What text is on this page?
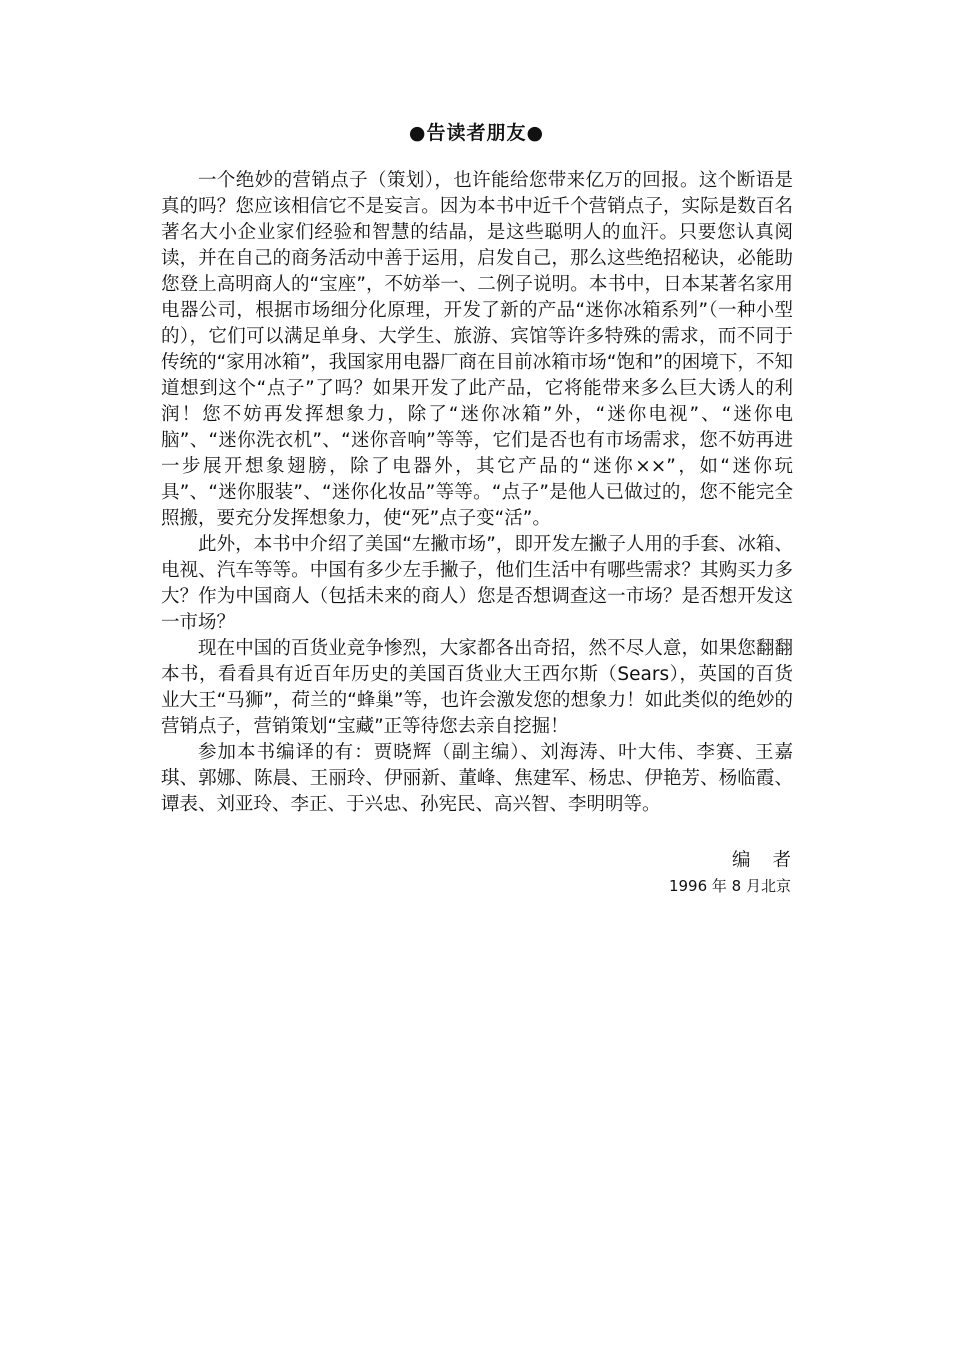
●告读者朋友●

一个绝妙的营销点子（策划），也许能给您带来亿万的回报。这个断语是真的吗？您应该相信它不是妄言。因为本书中近千个营销点子，实际是数百名著名大小企业家们经验和智慧的结晶，是这些聪明人的血汗。只要您认真阅读，并在自己的商务活动中善于运用，启发自己，那么这些绝招秘诀，必能助您登上高明商人的“宝座”，不妨举一、二例子说明。本书中，日本某著名家用电器公司，根据市场细分化原理，开发了新的产品“迷你冰箱系列”（一种小型的），它们可以满足单身、大学生、旅游、宾馆等许多特殊的需求，而不同于传统的“家用冰箱”，我国家用电器厂商在目前冰箱市场“饱和”的困境下，不知道想到这个“点子”了吗？如果开发了此产品，它将能带来多么巨大诱人的利润！您不妨再发挥想象力，除了“迷你冰箱”外，“迷你电视”、“迷你电脑”、“迷你洗衣机”、“迷你音响”等等，它们是否也有市场需求，您不妨再进一步展开想象翅膀，除了电器外，其它产品的“迷你××”，如“迷你玩具”、“迷你服装”、“迷你化妆品”等等。“点子”是他人已做过的，您不能完全照搬，要充分发挥想象力，使“死”点子变“活”。

此外，本书中介绍了美国“左撇市场”，即开发左撇子人用的手套、冰箱、电视、汽车等等。中国有多少左手撇子，他们生活中有哪些需求？其购买力多大？作为中国商人（包括未来的商人）您是否想调查这一市场？是否想开发这一市场？

现在中国的百货业竞争惨烈，大家都各出奇招，然不尽人意，如果您翻翻本书，看看具有近百年历史的美国百货业大王西尔斯（Sears），英国的百货业大王“马狮”，荷兰的“蜂巢”等，也许会激发您的想象力！如此类似的绝妙的营销点子，营销策划“宝藏”正等待您去亲自挖掘！

参加本书编译的有：贾晓辉（副主编）、刘海涛、叶大伟、李赛、王嘉琪、郭娜、陈晨、王丽玲、伊丽新、董峰、焦建军、杨忠、伊艳芳、杨临霞、谭表、刘亚玲、李正、于兴忠、孙宪民、高兴智、李明明等。

编者
1996 年 8 月北京
